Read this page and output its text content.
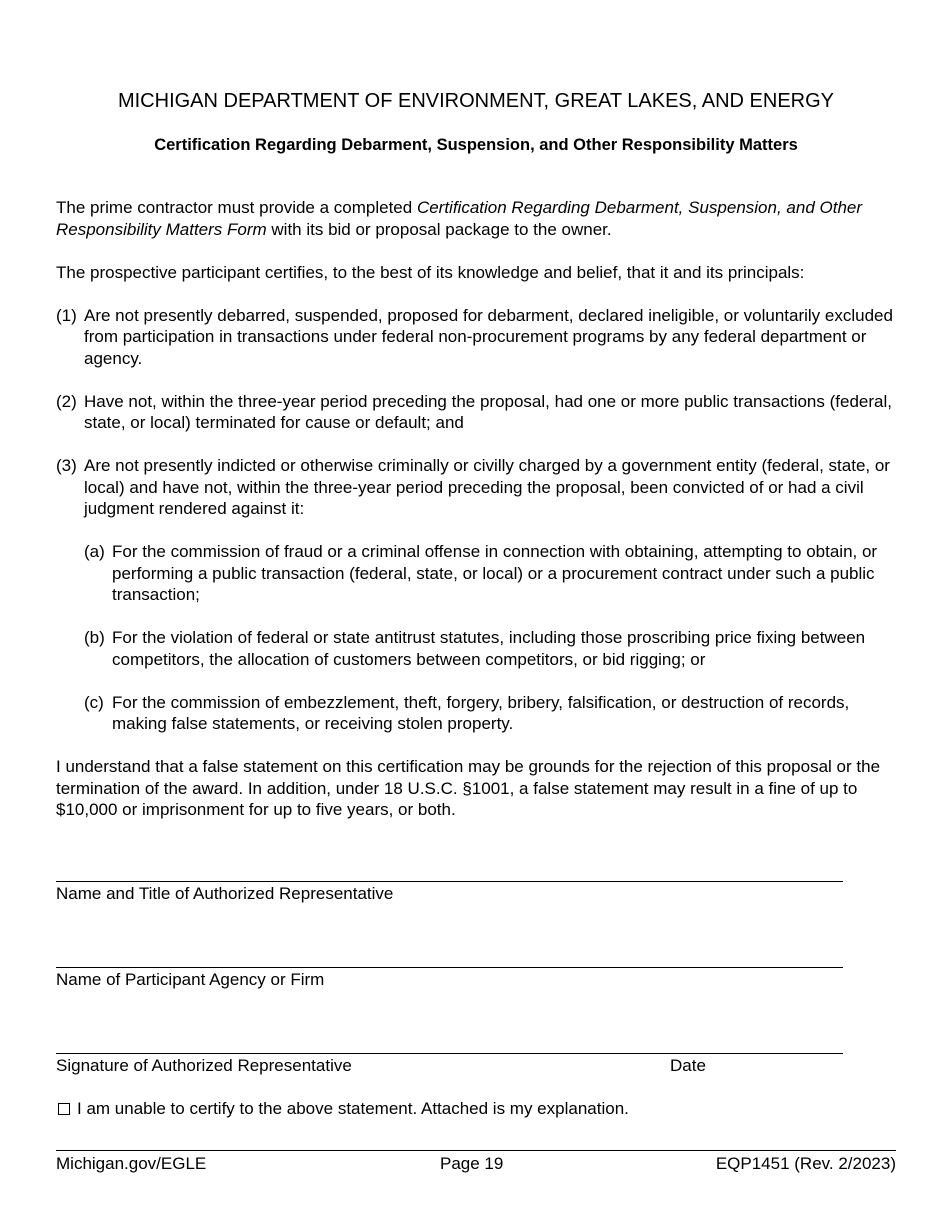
MICHIGAN DEPARTMENT OF ENVIRONMENT, GREAT LAKES, AND ENERGY
Certification Regarding Debarment, Suspension, and Other Responsibility Matters

The prime contractor must provide a completed Certification Regarding Debarment, Suspension, and Other Responsibility Matters Form with its bid or proposal package to the owner.

The prospective participant certifies, to the best of its knowledge and belief, that it and its principals:

(1) Are not presently debarred, suspended, proposed for debarment, declared ineligible, or voluntarily excluded from participation in transactions under federal non-procurement programs by any federal department or agency.
(2) Have not, within the three-year period preceding the proposal, had one or more public transactions (federal, state, or local) terminated for cause or default; and
(3) Are not presently indicted or otherwise criminally or civilly charged by a government entity (federal, state, or local) and have not, within the three-year period preceding the proposal, been convicted of or had a civil judgment rendered against it:
(a) For the commission of fraud or a criminal offense in connection with obtaining, attempting to obtain, or performing a public transaction (federal, state, or local) or a procurement contract under such a public transaction;
(b) For the violation of federal or state antitrust statutes, including those proscribing price fixing between competitors, the allocation of customers between competitors, or bid rigging; or
(c) For the commission of embezzlement, theft, forgery, bribery, falsification, or destruction of records, making false statements, or receiving stolen property.

I understand that a false statement on this certification may be grounds for the rejection of this proposal or the termination of the award. In addition, under 18 U.S.C. §1001, a false statement may result in a fine of up to $10,000 or imprisonment for up to five years, or both.

Name and Title of Authorized Representative
Name of Participant Agency or Firm
Signature of Authorized Representative	Date
I am unable to certify to the above statement. Attached is my explanation.
Michigan.gov/EGLE	Page 19	EQP1451 (Rev. 2/2023)
